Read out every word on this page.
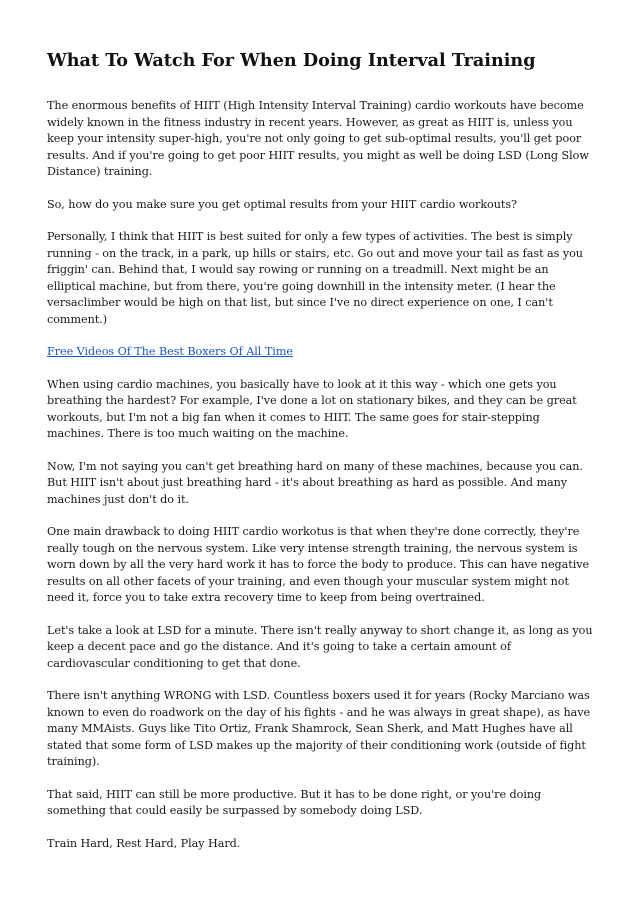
What To Watch For When Doing Interval Training

The enormous benefits of HIIT (High Intensity Interval Training) cardio workouts have become widely known in the fitness industry in recent years. However, as great as HIIT is, unless you keep your intensity super-high, you're not only going to get sub-optimal results, you'll get poor results. And if you're going to get poor HIIT results, you might as well be doing LSD (Long Slow Distance) training.

So, how do you make sure you get optimal results from your HIIT cardio workouts?

Personally, I think that HIIT is best suited for only a few types of activities. The best is simply running - on the track, in a park, up hills or stairs, etc. Go out and move your tail as fast as you friggin' can. Behind that, I would say rowing or running on a treadmill. Next might be an elliptical machine, but from there, you're going downhill in the intensity meter. (I hear the versaclimber would be high on that list, but since I've no direct experience on one, I can't comment.)

Free Videos Of The Best Boxers Of All Time

When using cardio machines, you basically have to look at it this way - which one gets you breathing the hardest? For example, I've done a lot on stationary bikes, and they can be great workouts, but I'm not a big fan when it comes to HIIT. The same goes for stair-stepping machines. There is too much waiting on the machine.

Now, I'm not saying you can't get breathing hard on many of these machines, because you can. But HIIT isn't about just breathing hard - it's about breathing as hard as possible. And many machines just don't do it.

One main drawback to doing HIIT cardio workotus is that when they're done correctly, they're really tough on the nervous system. Like very intense strength training, the nervous system is worn down by all the very hard work it has to force the body to produce. This can have negative results on all other facets of your training, and even though your muscular system might not need it, force you to take extra recovery time to keep from being overtrained.

Let's take a look at LSD for a minute. There isn't really anyway to short change it, as long as you keep a decent pace and go the distance. And it's going to take a certain amount of cardiovascular conditioning to get that done.

There isn't anything WRONG with LSD. Countless boxers used it for years (Rocky Marciano was known to even do roadwork on the day of his fights - and he was always in great shape), as have many MMAists. Guys like Tito Ortiz, Frank Shamrock, Sean Sherk, and Matt Hughes have all stated that some form of LSD makes up the majority of their conditioning work (outside of fight training).

That said, HIIT can still be more productive. But it has to be done right, or you're doing something that could easily be surpassed by somebody doing LSD.

Train Hard, Rest Hard, Play Hard.
